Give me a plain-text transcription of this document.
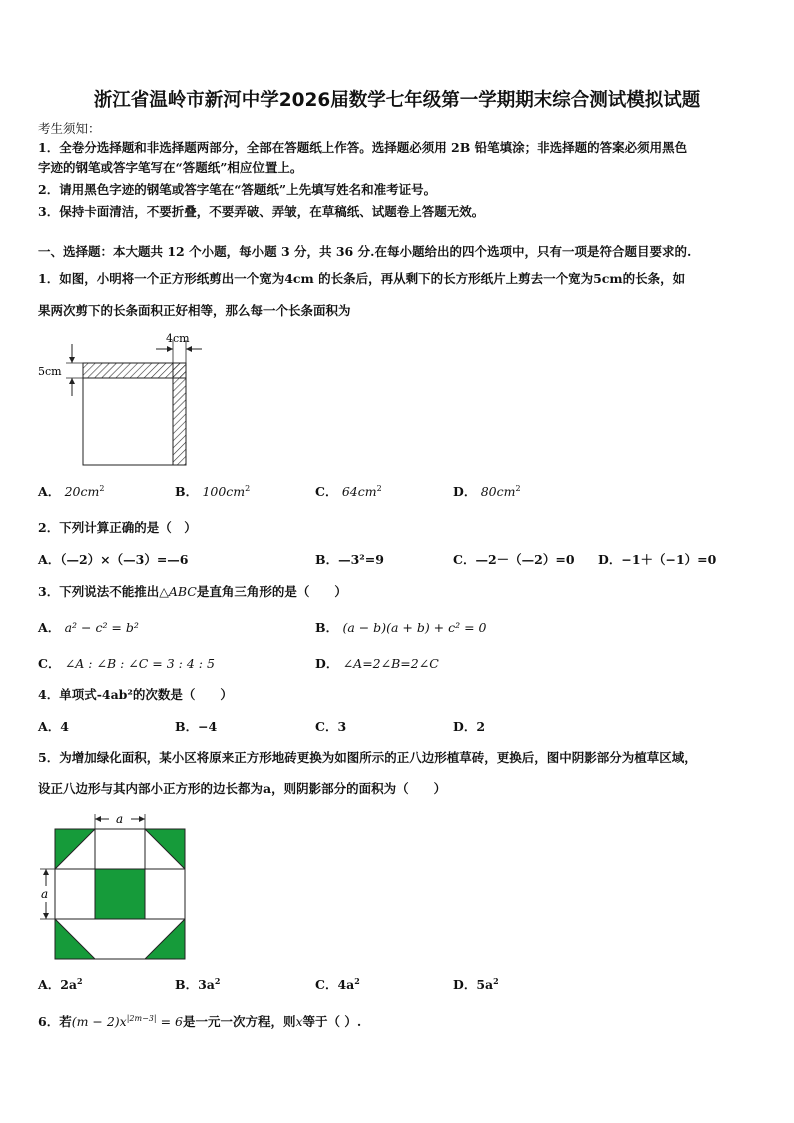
浙江省温岭市新河中学2026届数学七年级第一学期期末综合测试模拟试题
考生须知：
1．全卷分选择题和非选择题两部分，全部在答题纸上作答。选择题必须用 2B 铅笔填涂；非选择题的答案必须用黑色
字迹的钢笔或答字笔写在“答题纸”相应位置上。
2．请用黑色字迹的钢笔或答字笔在“答题纸”上先填写姓名和准考证号。
3．保持卡面清洁，不要折叠，不要弄破、弄皱，在草稿纸、试题卷上答题无效。
一、选择题：本大题共 12 个小题，每小题 3 分，共 36 分.在每小题给出的四个选项中，只有一项是符合题目要求的.
1．如图，小明将一个正方形纸剪出一个宽为4cm 的长条后，再从剩下的长方形纸片上剪去一个宽为5cm的长条，如
果两次剪下的长条面积正好相等，那么每一个长条面积为
5cm
4cm
A． $20cm^2$	B． $100cm^2$	C． $64cm^2$	D． $80cm^2$
2．下列计算正确的是（　）
A．（—2）×（—3）=—6	B．—3²=9	C．—2－（—2）=0 D．−1＋（−1）=0
3．下列说法不能推出△ABC是直角三角形的是（　　）
A． a² − c² = b²	B． (a − b)(a + b) + c² = 0
C． ∠A : ∠B : ∠C = 3 : 4 : 5	D． ∠A=2∠B=2∠C
4．单项式-4ab²的次数是（　　）
A．4	B．−4	C．3	D．2
5．为增加绿化面积，某小区将原来正方形地砖更换为如图所示的正八边形植草砖，更换后，图中阴影部分为植草区域，
设正八边形与其内部小正方形的边长都为a，则阴影部分的面积为（　　）
a
a
A．$2a^2$	B．$3a^2$	C．$4a^2$	D．$5a^2$
6．若$(m - 2)x^{|2m-3|} = 6$是一元一次方程，则x等于（ ）.
